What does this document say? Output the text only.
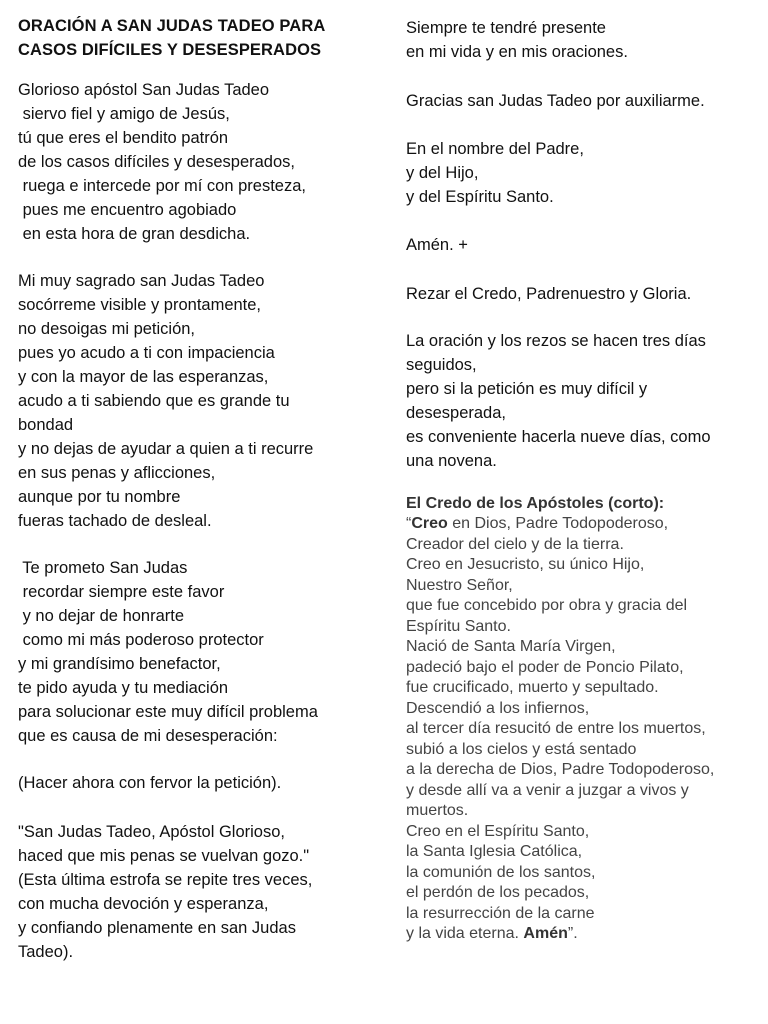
ORACIÓN A SAN JUDAS TADEO PARA
CASOS DIFÍCILES Y DESESPERADOS

Glorioso apóstol San Judas Tadeo
siervo fiel y amigo de Jesús,
tú que eres el bendito patrón
de los casos difíciles y desesperados,
ruega e intercede por mí con presteza,
pues me encuentro agobiado
en esta hora de gran desdicha.

Mi muy sagrado san Judas Tadeo
socórreme visible y prontamente,
no desoigas mi petición,
pues yo acudo a ti con impaciencia
y con la mayor de las esperanzas,
acudo a ti sabiendo que es grande tu
bondad
y no dejas de ayudar a quien a ti recurre
en sus penas y aflicciones,
aunque por tu nombre
fueras tachado de desleal.

Te prometo San Judas
recordar siempre este favor
y no dejar de honrarte
como mi más poderoso protector
y mi grandísimo benefactor,
te pido ayuda y tu mediación
para solucionar este muy difícil problema
que es causa de mi desesperación:

(Hacer ahora con fervor la petición).

"San Judas Tadeo, Apóstol Glorioso,
haced que mis penas se vuelvan gozo."
(Esta última estrofa se repite tres veces,
con mucha devoción y esperanza,
y confiando plenamente en san Judas
Tadeo).

Siempre te tendré presente
en mi vida y en mis oraciones.

Gracias san Judas Tadeo por auxiliarme.

En el nombre del Padre,
y del Hijo,
y del Espíritu Santo.

Amén. +

Rezar el Credo, Padrenuestro y Gloria.

La oración y los rezos se hacen tres días
seguidos,
pero si la petición es muy difícil y
desesperada,
es conveniente hacerla nueve días, como
una novena.

El Credo de los Apóstoles (corto):

“Creo en Dios, Padre Todopoderoso,
Creador del cielo y de la tierra.
Creo en Jesucristo, su único Hijo,
Nuestro Señor,
que fue concebido por obra y gracia del
Espíritu Santo.
Nació de Santa María Virgen,
padeció bajo el poder de Poncio Pilato,
fue crucificado, muerto y sepultado.
Descendió a los infiernos,
al tercer día resucitó de entre los muertos,
subió a los cielos y está sentado
a la derecha de Dios, Padre Todopoderoso,
y desde allí va a venir a juzgar a vivos y
muertos.
Creo en el Espíritu Santo,
la Santa Iglesia Católica,
la comunión de los santos,
el perdón de los pecados,
la resurrección de la carne
y la vida eterna. Amén”.
